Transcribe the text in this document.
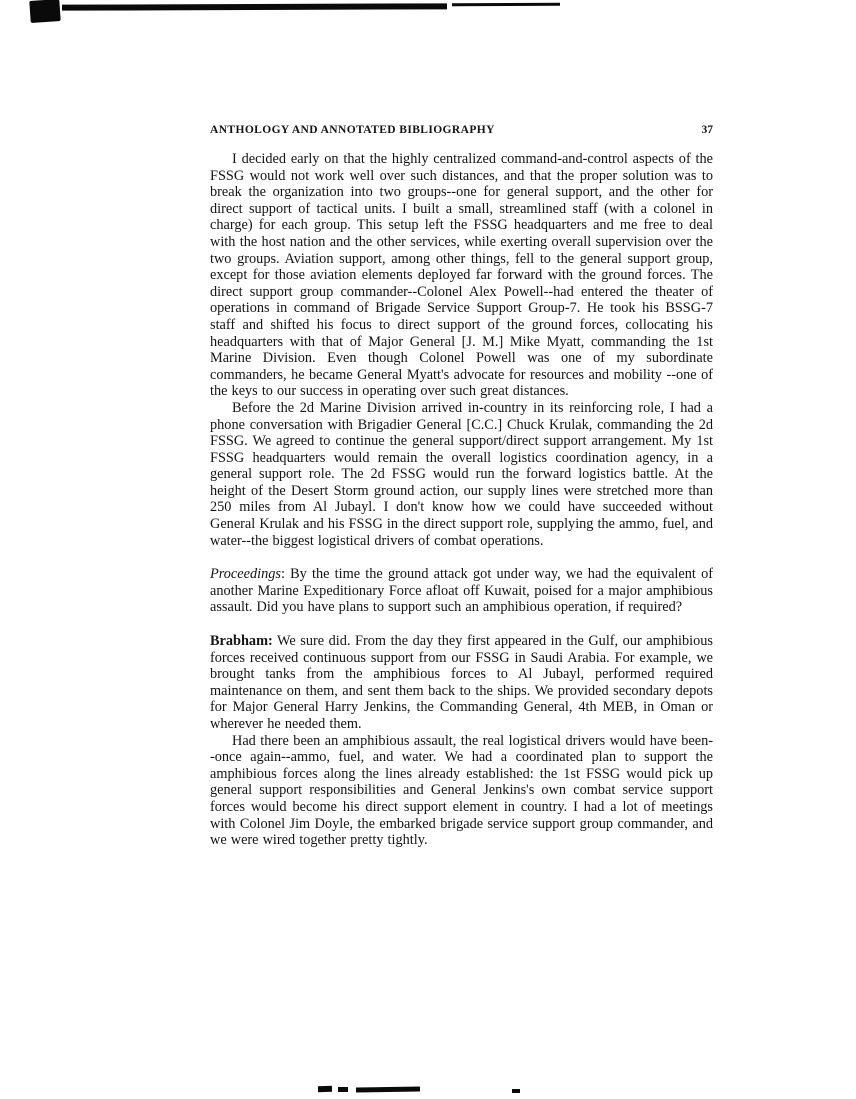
ANTHOLOGY AND ANNOTATED BIBLIOGRAPHY	37

I decided early on that the highly centralized command-and-control aspects of the FSSG would not work well over such distances, and that the proper solution was to break the organization into two groups--one for general support, and the other for direct support of tactical units. I built a small, streamlined staff (with a colonel in charge) for each group. This setup left the FSSG headquarters and me free to deal with the host nation and the other services, while exerting overall supervision over the two groups. Aviation support, among other things, fell to the general support group, except for those aviation elements deployed far forward with the ground forces. The direct support group commander--Colonel Alex Powell--had entered the theater of operations in command of Brigade Service Support Group-7. He took his BSSG-7 staff and shifted his focus to direct support of the ground forces, collocating his headquarters with that of Major General [J. M.] Mike Myatt, commanding the 1st Marine Division. Even though Colonel Powell was one of my subordinate commanders, he became General Myatt's advocate for resources and mobility --one of the keys to our success in operating over such great distances.

Before the 2d Marine Division arrived in-country in its reinforcing role, I had a phone conversation with Brigadier General [C.C.] Chuck Krulak, commanding the 2d FSSG. We agreed to continue the general support/direct support arrangement. My 1st FSSG headquarters would remain the overall logistics coordination agency, in a general support role. The 2d FSSG would run the forward logistics battle. At the height of the Desert Storm ground action, our supply lines were stretched more than 250 miles from Al Jubayl. I don't know how we could have succeeded without General Krulak and his FSSG in the direct support role, supplying the ammo, fuel, and water--the biggest logistical drivers of combat operations.

Proceedings: By the time the ground attack got under way, we had the equivalent of another Marine Expeditionary Force afloat off Kuwait, poised for a major amphibious assault. Did you have plans to support such an amphibious operation, if required?

Brabham: We sure did. From the day they first appeared in the Gulf, our amphibious forces received continuous support from our FSSG in Saudi Arabia. For example, we brought tanks from the amphibious forces to Al Jubayl, performed required maintenance on them, and sent them back to the ships. We provided secondary depots for Major General Harry Jenkins, the Commanding General, 4th MEB, in Oman or wherever he needed them.

Had there been an amphibious assault, the real logistical drivers would have been--once again--ammo, fuel, and water. We had a coordinated plan to support the amphibious forces along the lines already established: the 1st FSSG would pick up general support responsibilities and General Jenkins's own combat service support forces would become his direct support element in country. I had a lot of meetings with Colonel Jim Doyle, the embarked brigade service support group commander, and we were wired together pretty tightly.
